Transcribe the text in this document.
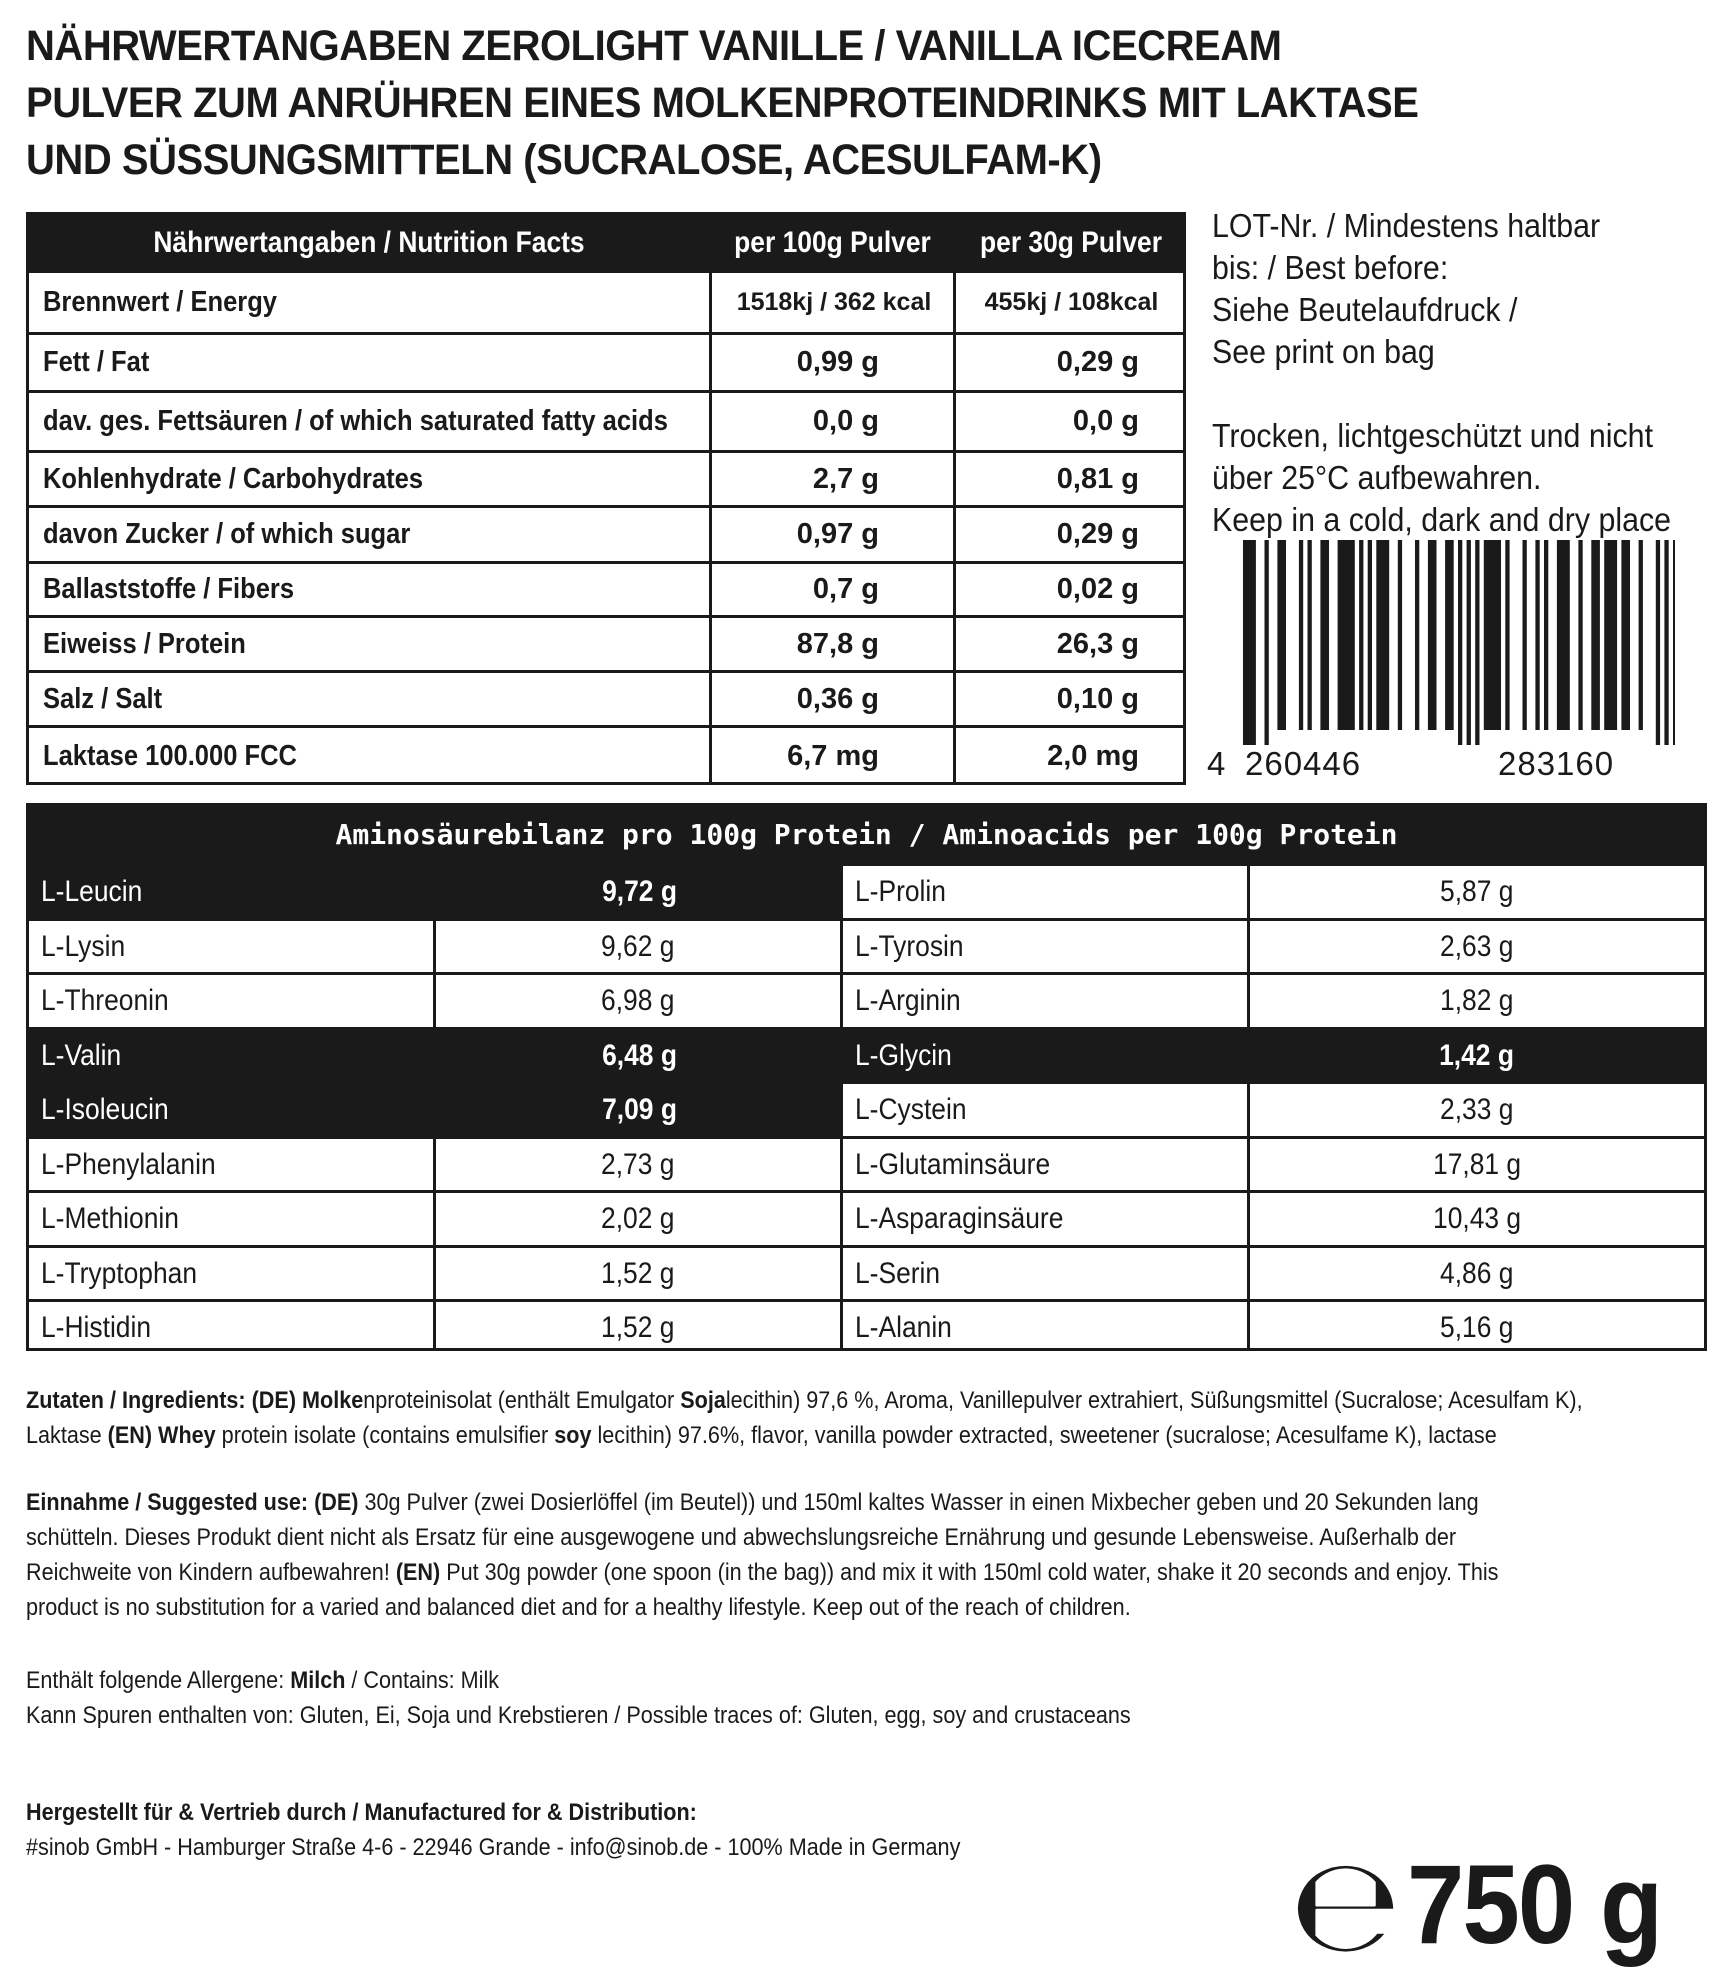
NÄHRWERTANGABEN ZEROLIGHT VANILLE / VANILLA ICECREAM
PULVER ZUM ANRÜHREN EINES MOLKENPROTEINDRINKS MIT LAKTASE
UND SÜSSUNGSMITTELN (SUCRALOSE, ACESULFAM-K)
Nährwertangaben / Nutrition Facts	per 100g Pulver	per 30g Pulver
Brennwert / Energy	1518kj / 362 kcal	455kj / 108kcal
Fett / Fat	0,99 g	0,29 g
dav. ges. Fettsäuren / of which saturated fatty acids	0,0 g	0,0 g
Kohlenhydrate / Carbohydrates	2,7 g	0,81 g
davon Zucker / of which sugar	0,97 g	0,29 g
Ballaststoffe / Fibers	0,7 g	0,02 g
Eiweiss / Protein	87,8 g	26,3 g
Salz / Salt	0,36 g	0,10 g
Laktase 100.000 FCC	6,7 mg	2,0 mg

LOT-Nr. / Mindestens haltbar

bis: / Best before:

Siehe Beutelaufdruck /

See print on bag

Trocken, lichtgeschützt und nicht

über 25°C aufbewahren.

Keep in a cold, dark and dry place

4 260446	283160
Aminosäurebilanz pro 100g Protein / Aminoacids per 100g Protein
L-Leucin	9,72 g	L-Prolin	5,87 g
L-Lysin	9,62 g	L-Tyrosin	2,63 g
L-Threonin	6,98 g	L-Arginin	1,82 g
L-Valin	6,48 g	L-Glycin	1,42 g
L-Isoleucin	7,09 g	L-Cystein	2,33 g
L-Phenylalanin	2,73 g	L-Glutaminsäure	17,81 g
L-Methionin	2,02 g	L-Asparaginsäure	10,43 g
L-Tryptophan	1,52 g	L-Serin	4,86 g
L-Histidin	1,52 g	L-Alanin	5,16 g
Zutaten / Ingredients: (DE) Molkenproteinisolat (enthält Emulgator Sojalecithin) 97,6 %, Aroma, Vanillepulver extrahiert, Süßungsmittel (Sucralose; Acesulfam K),
Laktase (EN) Whey protein isolate (contains emulsifier soy lecithin) 97.6%, flavor, vanilla powder extracted, sweetener (sucralose; Acesulfame K), lactase
Einnahme / Suggested use: (DE) 30g Pulver (zwei Dosierlöffel (im Beutel)) und 150ml kaltes Wasser in einen Mixbecher geben und 20 Sekunden lang
schütteln. Dieses Produkt dient nicht als Ersatz für eine ausgewogene und abwechslungsreiche Ernährung und gesunde Lebensweise. Außerhalb der
Reichweite von Kindern aufbewahren! (EN) Put 30g powder (one spoon (in the bag)) and mix it with 150ml cold water, shake it 20 seconds and enjoy. This
product is no substitution for a varied and balanced diet and for a healthy lifestyle. Keep out of the reach of children.
Enthält folgende Allergene: Milch / Contains: Milk
Kann Spuren enthalten von: Gluten, Ei, Soja und Krebstieren / Possible traces of: Gluten, egg, soy and crustaceans
Hergestellt für & Vertrieb durch / Manufactured for & Distribution:
#sinob GmbH - Hamburger Straße 4-6 - 22946 Grande - info@sinob.de - 100% Made in Germany	℮ 750 g
